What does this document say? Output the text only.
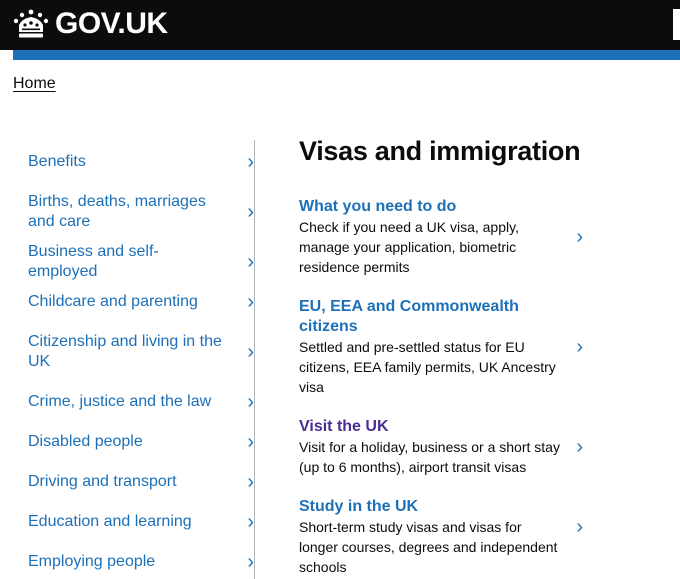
GOV.UK
Home
Benefits	›
Births, deaths, marriages and care	›
Business and self-employed	›
Childcare and parenting	›
Citizenship and living in the UK	›
Crime, justice and the law	›
Disabled people	›
Driving and transport	›
Education and learning	›
Employing people	›
Visas and immigration
What you need to do
Check if you need a UK visa, apply, manage your application, biometric residence permits
›
EU, EEA and Commonwealth citizens
Settled and pre-settled status for EU citizens, EEA family permits, UK Ancestry visa
›
Visit the UK
Visit for a holiday, business or a short stay (up to 6 months), airport transit visas
›
Study in the UK
Short-term study visas and visas for longer courses, degrees and independent schools
›
